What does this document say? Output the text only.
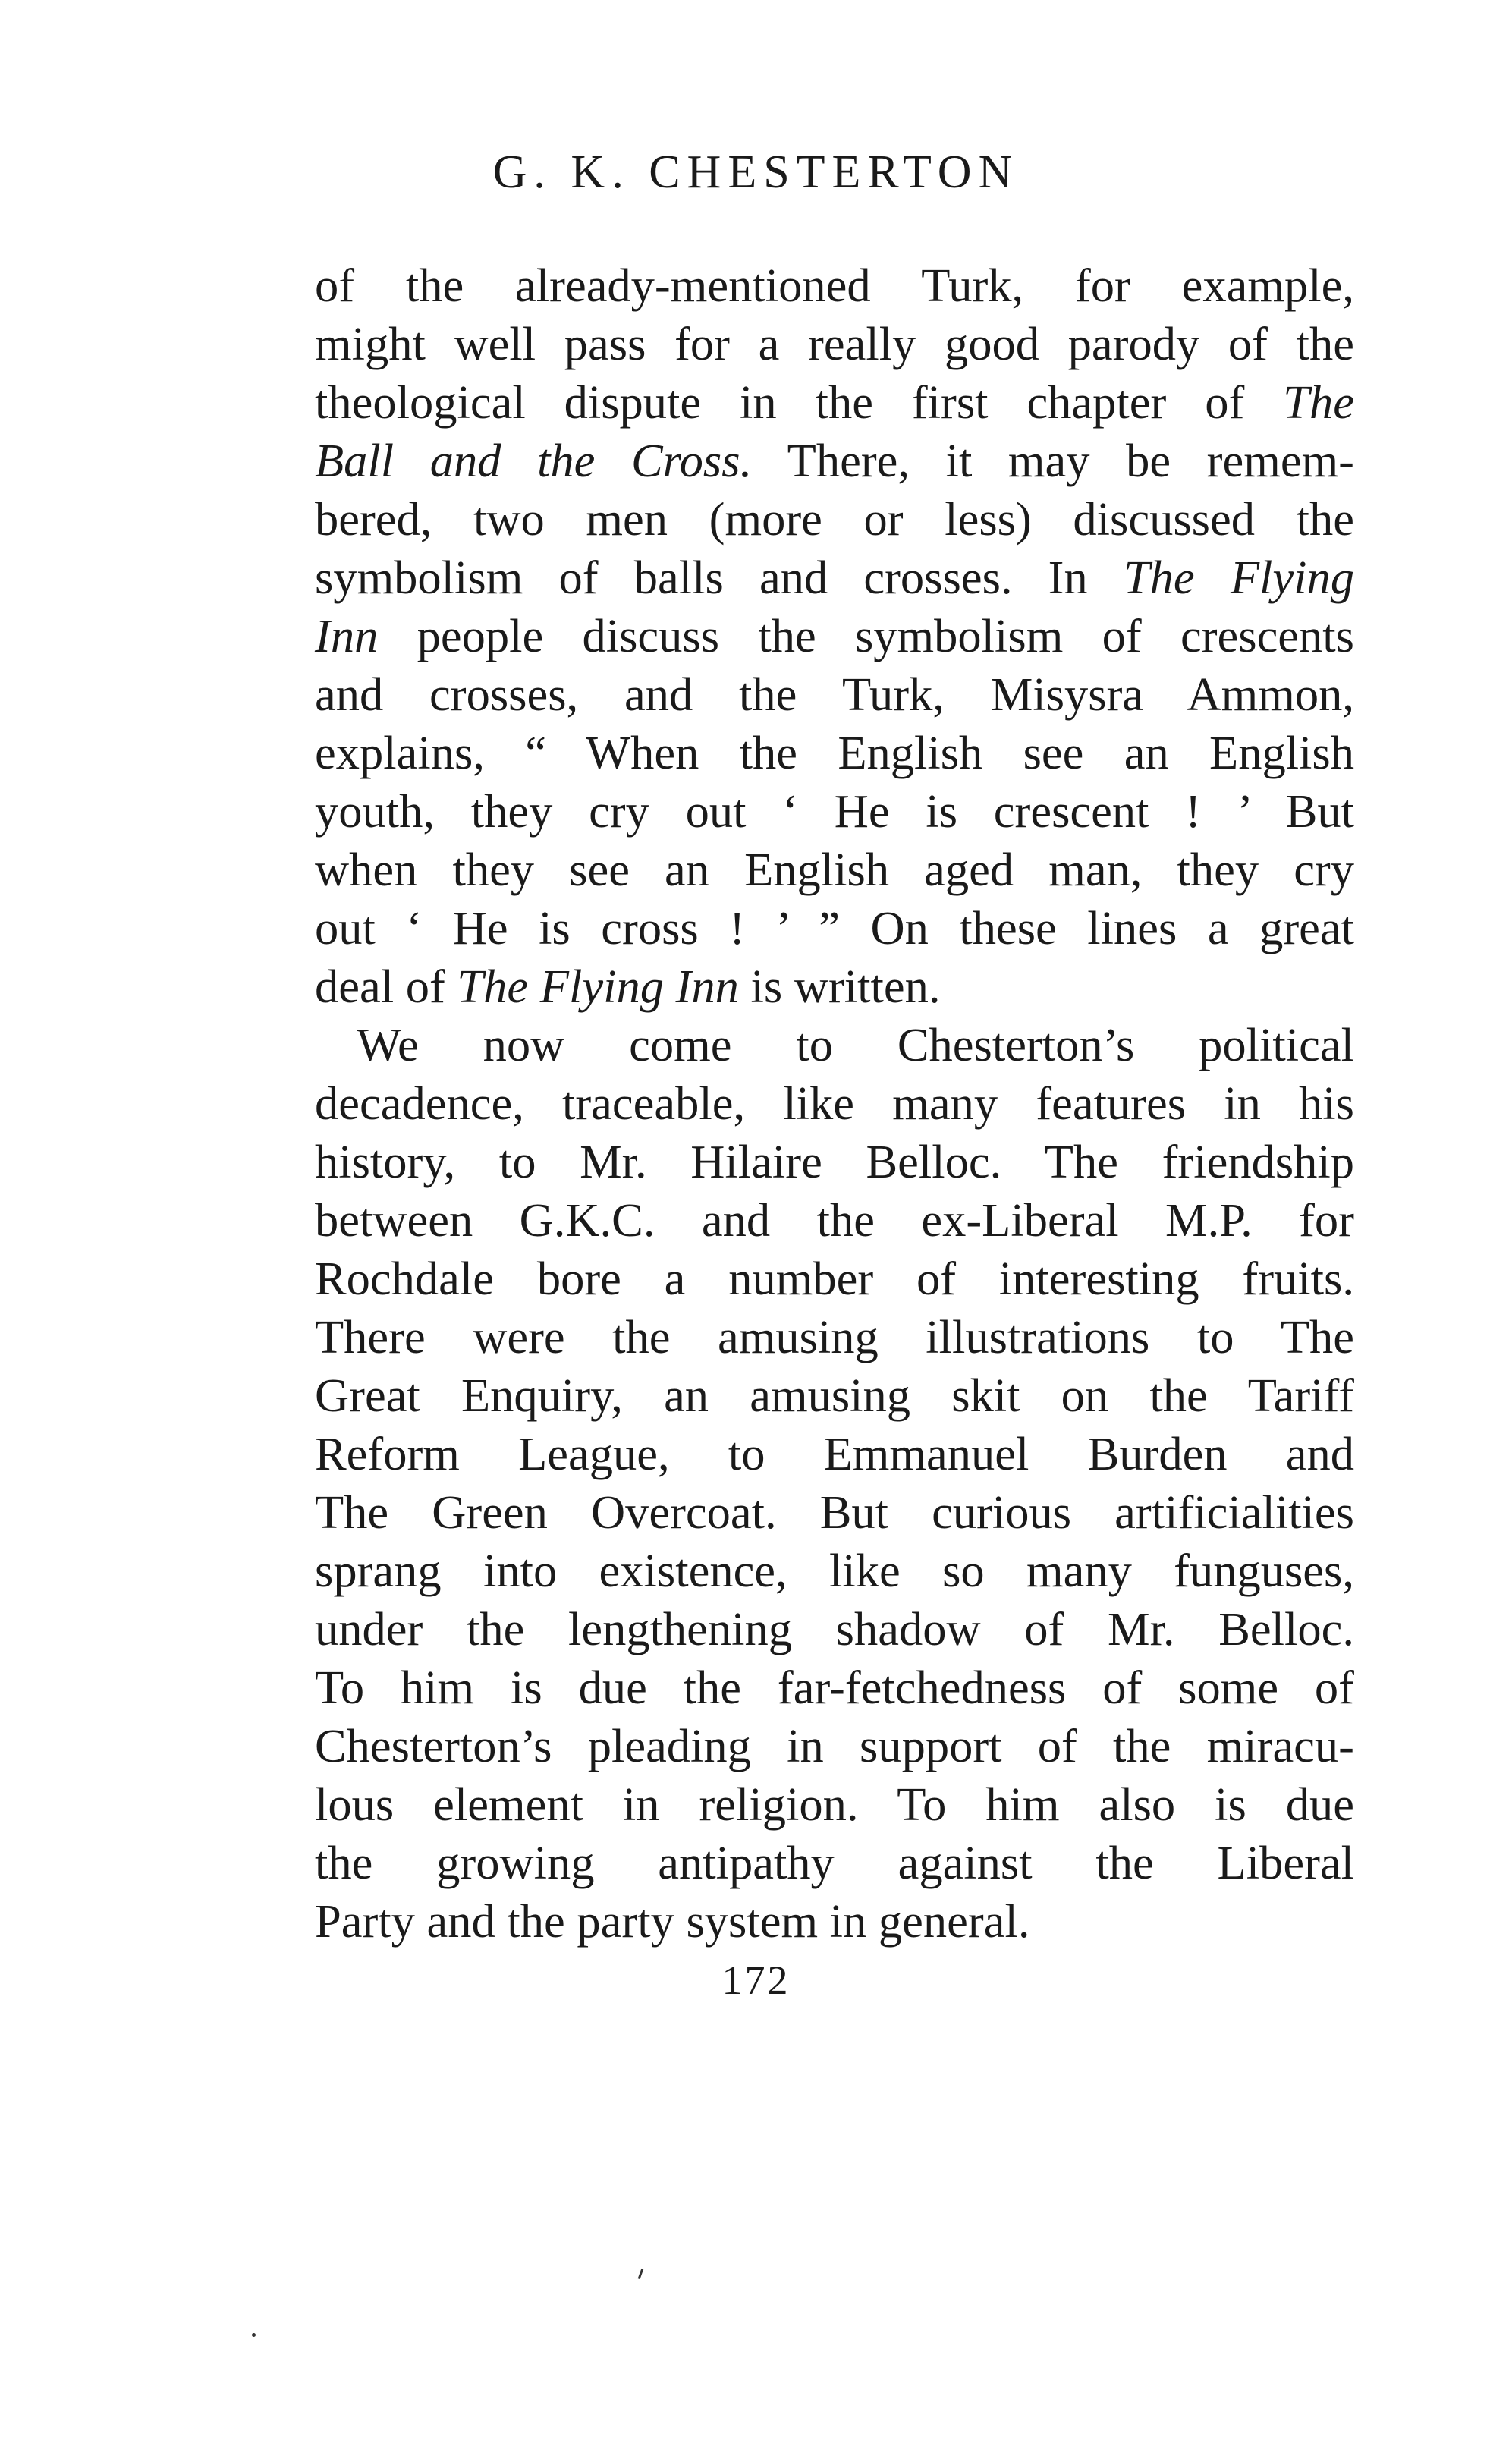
G. K. CHESTERTON
of the already-mentioned Turk, for example,
might well pass for a really good parody of the
theological dispute in the first chapter of The
Ball and the Cross. There, it may be remem-
bered, two men (more or less) discussed the
symbolism of balls and crosses. In The Flying
Inn people discuss the symbolism of crescents
and crosses, and the Turk, Misysra Ammon,
explains, “ When the English see an English
youth, they cry out ‘ He is crescent ! ’ But
when they see an English aged man, they cry
out ‘ He is cross ! ’ ” On these lines a great
deal of The Flying Inn is written.
We now come to Chesterton’s political
decadence, traceable, like many features in his
history, to Mr. Hilaire Belloc. The friendship
between G.K.C. and the ex-Liberal M.P. for
Rochdale bore a number of interesting fruits.
There were the amusing illustrations to The
Great Enquiry, an amusing skit on the Tariff
Reform League, to Emmanuel Burden and
The Green Overcoat. But curious artificialities
sprang into existence, like so many funguses,
under the lengthening shadow of Mr. Belloc.
To him is due the far-fetchedness of some of
Chesterton’s pleading in support of the miracu-
lous element in religion. To him also is due
the growing antipathy against the Liberal
Party and the party system in general.
172
